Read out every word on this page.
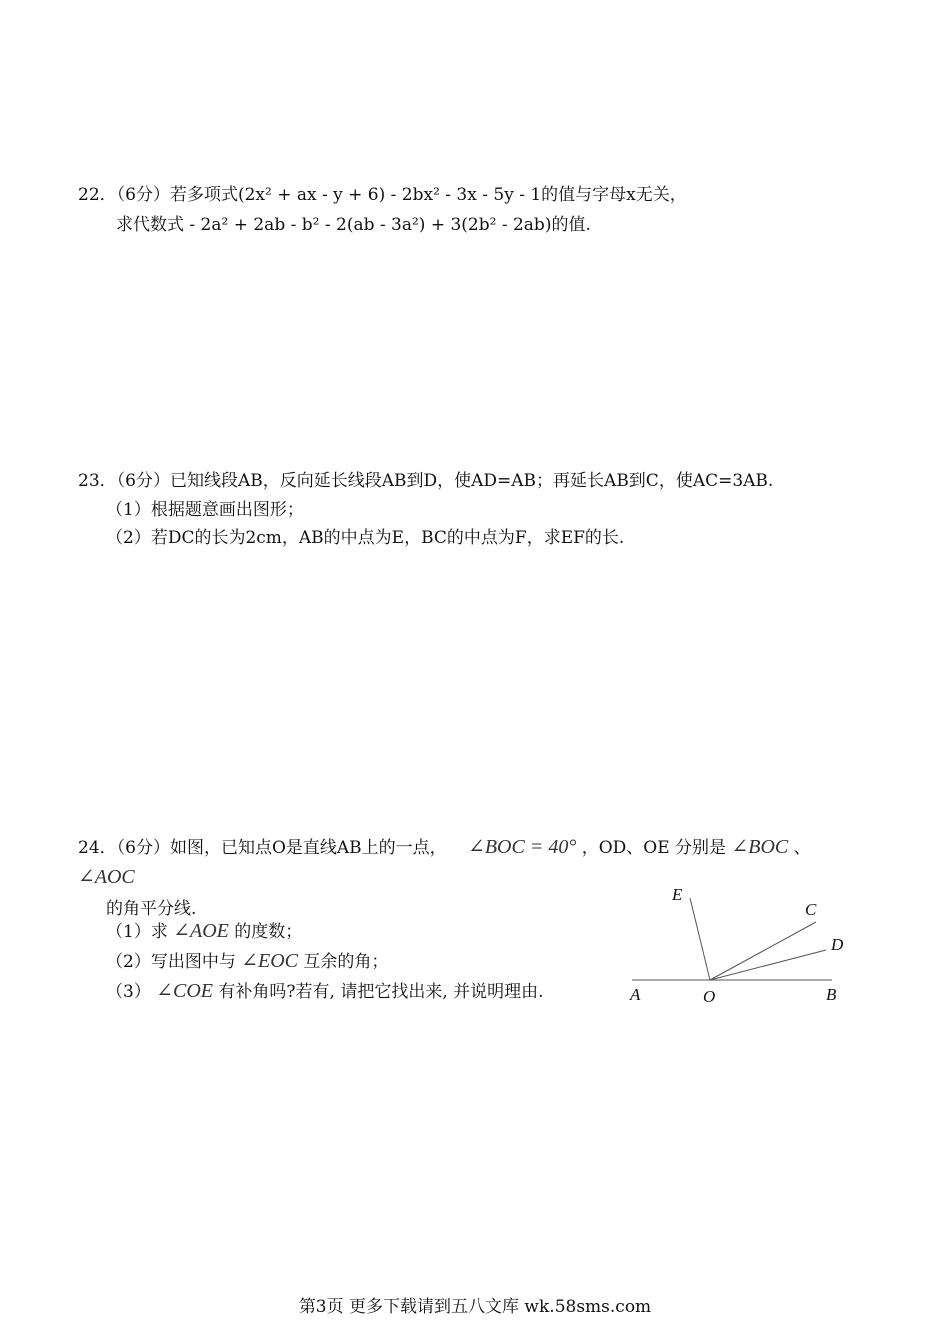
22．（6分）若多项式(2x² + ax - y + 6) - 2bx² - 3x - 5y - 1的值与字母x无关，
求代数式 - 2a² + 2ab - b² - 2(ab - 3a²) + 3(2b² - 2ab)的值.
23．（6分）已知线段AB，反向延长线段AB到D，使AD=AB；再延长AB到C，使AC=3AB.
（1）根据题意画出图形；
（2）若DC的长为2cm，AB的中点为E，BC的中点为F，求EF的长.
24．（6分）如图，已知点O是直线AB上的一点， ∠BOC = 40° ，OD、OE 分别是 ∠BOC 、
∠AOC
的角平分线.
（1）求 ∠AOE 的度数；
（2）写出图中与 ∠EOC 互余的角；
（3） ∠COE 有补角吗?若有, 请把它找出来, 并说明理由.
E
C
D
A	O	B
第3页 更多下载请到五八文库 wk.58sms.com
